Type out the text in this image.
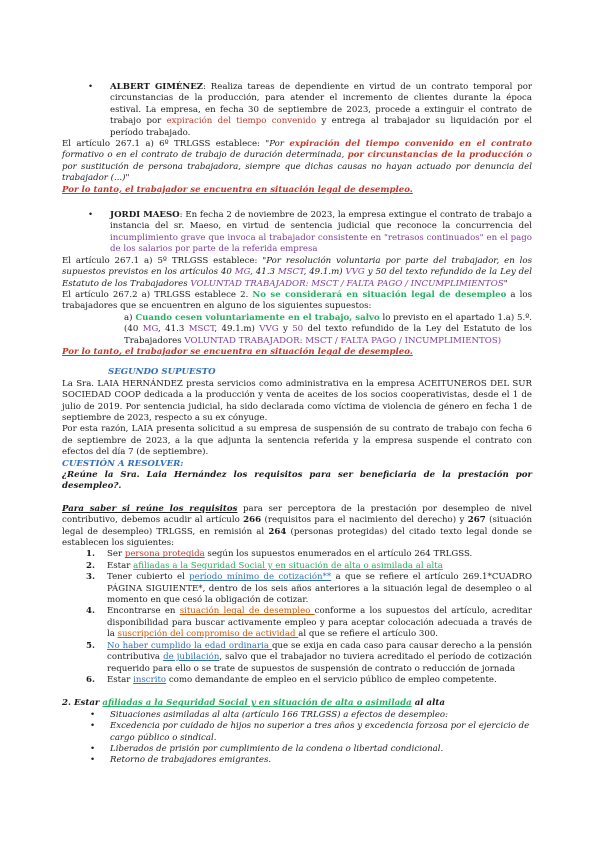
• ALBERT GIMÉNEZ: Realiza tareas de dependiente en virtud de un contrato temporal por circunstancias de la producción, para atender el incremento de clientes durante la época estival. La empresa, en fecha 30 de septiembre de 2023, procede a extinguir el contrato de trabajo por expiración del tiempo convenido y entrega al trabajador su liquidación por el período trabajado.

El artículo 267.1 a) 6º TRLGSS establece: "Por expiración del tiempo convenido en el contrato formativo o en el contrato de trabajo de duración determinada, por circunstancias de la producción o por sustitución de persona trabajadora, siempre que dichas causas no hayan actuado por denuncia del trabajador (...)"

Por lo tanto, el trabajador se encuentra en situación legal de desempleo.

• JORDI MAESO: En fecha 2 de noviembre de 2023, la empresa extingue el contrato de trabajo a instancia del sr. Maeso, en virtud de sentencia judicial que reconoce la concurrencia del incumplimiento grave que invoca al trabajador consistente en "retrasos continuados" en el pago de los salarios por parte de la referida empresa

El artículo 267.1 a) 5º TRLGSS establece: "Por resolución voluntaria por parte del trabajador, en los supuestos previstos en los artículos 40 MG, 41.3 MSCT, 49.1.m) VVG y 50 del texto refundido de la Ley del Estatuto de los Trabajadores VOLUNTAD TRABAJADOR: MSCT / FALTA PAGO / INCUMPLIMIENTOS"

El artículo 267.2 a) TRLGSS establece 2. No se considerará en situación legal de desempleo a los trabajadores que se encuentren en alguno de los siguientes supuestos:

a) Cuando cesen voluntariamente en el trabajo, salvo lo previsto en el apartado 1.a) 5.º. (40 MG, 41.3 MSCT, 49.1.m) VVG y 50 del texto refundido de la Ley del Estatuto de los Trabajadores VOLUNTAD TRABAJADOR: MSCT / FALTA PAGO / INCUMPLIMIENTOS)

Por lo tanto, el trabajador se encuentra en situación legal de desempleo.

SEGUNDO SUPUESTO

La Sra. LAIA HERNÁNDEZ presta servicios como administrativa en la empresa ACEITUNEROS DEL SUR SOCIEDAD COOP dedicada a la producción y venta de aceites de los socios cooperativistas, desde el 1 de julio de 2019. Por sentencia judicial, ha sido declarada como víctima de violencia de género en fecha 1 de septiembre de 2023, respecto a su ex cónyuge.

Por esta razón, LAIA presenta solicitud a su empresa de suspensión de su contrato de trabajo con fecha 6 de septiembre de 2023, a la que adjunta la sentencia referida y la empresa suspende el contrato con efectos del día 7 (de septiembre).

CUESTIÓN A RESOLVER:

¿Reúne la Sra. Laia Hernández los requisitos para ser beneficiaria de la prestación por desempleo?.

Para saber si reúne los requisitos para ser perceptora de la prestación por desempleo de nivel contributivo, debemos acudir al artículo 266 (requisitos para el nacimiento del derecho) y 267 (situación legal de desempleo) TRLGSS, en remisión al 264 (personas protegidas) del citado texto legal donde se establecen los siguientes:

1. Ser persona protegida según los supuestos enumerados en el artículo 264 TRLGSS.
2. Estar afiliadas a la Seguridad Social y en situación de alta o asimilada al alta
3. Tener cubierto el período mínimo de cotización** a que se refiere el artículo 269.1*CUADRO PÁGINA SIGUIENTE*, dentro de los seis años anteriores a la situación legal de desempleo o al momento en que cesó la obligación de cotizar.
4. Encontrarse en situación legal de desempleo conforme a los supuestos del artículo, acreditar disponibilidad para buscar activamente empleo y para aceptar colocación adecuada a través de la suscripción del compromiso de actividad al que se refiere el artículo 300.
5. No haber cumplido la edad ordinaria que se exija en cada caso para causar derecho a la pensión contributiva de jubilación, salvo que el trabajador no tuviera acreditado el período de cotización requerido para ello o se trate de supuestos de suspensión de contrato o reducción de jornada
6. Estar inscrito como demandante de empleo en el servicio público de empleo competente.

2. Estar afiliadas a la Seguridad Social y en situación de alta o asimilada al alta

• Situaciones asimiladas al alta (artículo 166 TRLGSS) a efectos de desempleo:
• Excedencia por cuidado de hijos no superior a tres años y excedencia forzosa por el ejercicio de cargo público o sindical.
• Liberados de prisión por cumplimiento de la condena o libertad condicional.
• Retorno de trabajadores emigrantes.
